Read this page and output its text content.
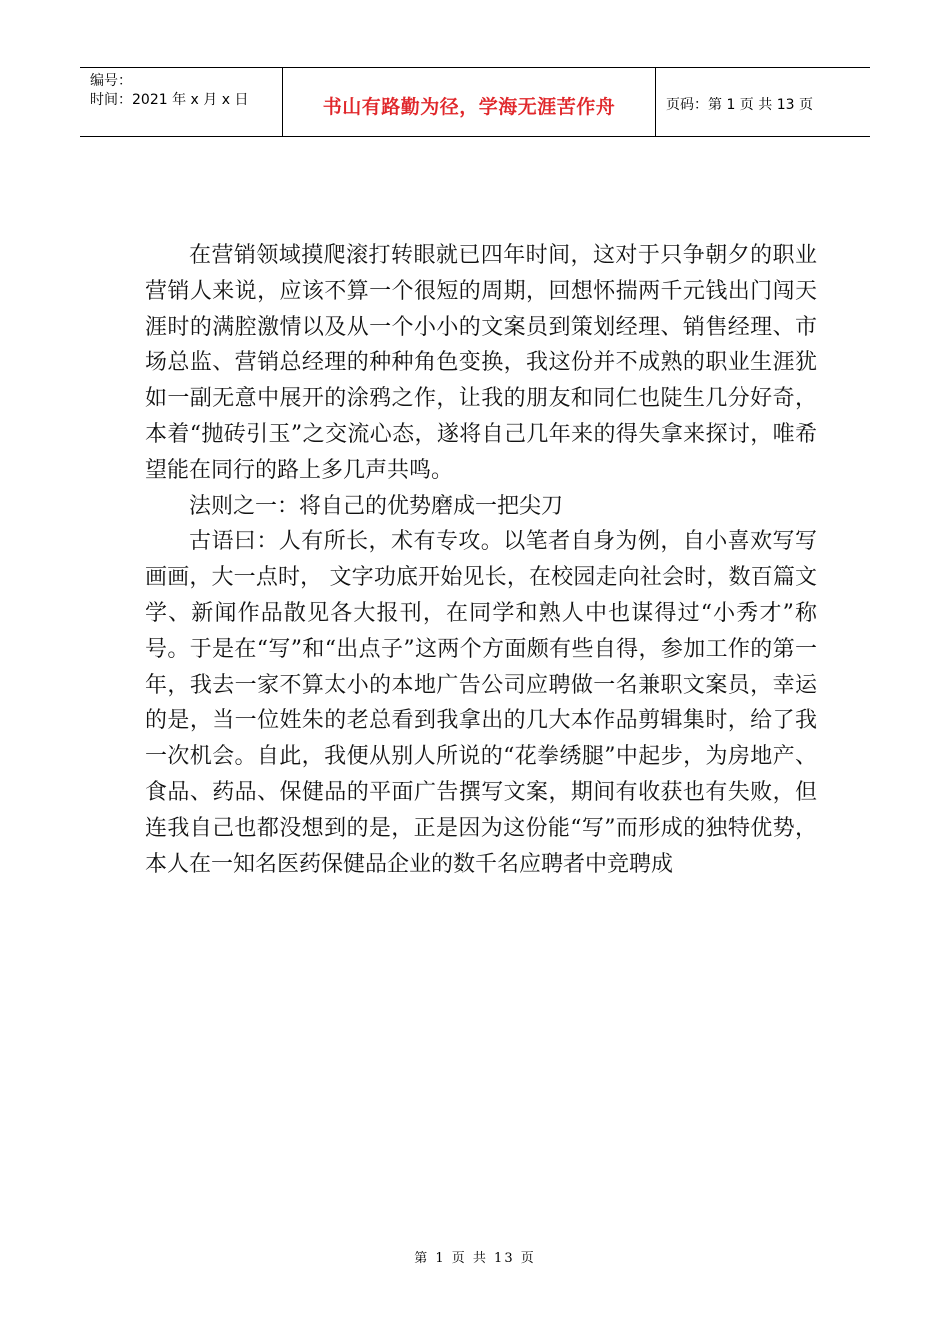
编号：
时间：2021 年 x 月 x 日	书山有路勤为径，学海无涯苦作舟	页码：第 1 页 共 13 页

在营销领域摸爬滚打转眼就已四年时间，这对于只争朝夕的职业营销人来说，应该不算一个很短的周期，回想怀揣两千元钱出门闯天涯时的满腔激情以及从一个小小的文案员到策划经理、销售经理、市场总监、营销总经理的种种角色变换，我这份并不成熟的职业生涯犹如一副无意中展开的涂鸦之作，让我的朋友和同仁也陡生几分好奇，本着“抛砖引玉”之交流心态，遂将自己几年来的得失拿来探讨，唯希望能在同行的路上多几声共鸣。

法则之一：将自己的优势磨成一把尖刀

古语曰：人有所长，术有专攻。以笔者自身为例，自小喜欢写写画画，大一点时， 文字功底开始见长，在校园走向社会时，数百篇文学、新闻作品散见各大报刊，在同学和熟人中也谋得过“小秀才”称号。于是在“写”和“出点子”这两个方面颇有些自得，参加工作的第一年，我去一家不算太小的本地广告公司应聘做一名兼职文案员，幸运的是，当一位姓朱的老总看到我拿出的几大本作品剪辑集时，给了我一次机会。自此，我便从别人所说的“花拳绣腿”中起步，为房地产、食品、药品、保健品的平面广告撰写文案，期间有收获也有失败，但连我自己也都没想到的是，正是因为这份能“写”而形成的独特优势，本人在一知名医药保健品企业的数千名应聘者中竞聘成

第 1 页 共 13 页
